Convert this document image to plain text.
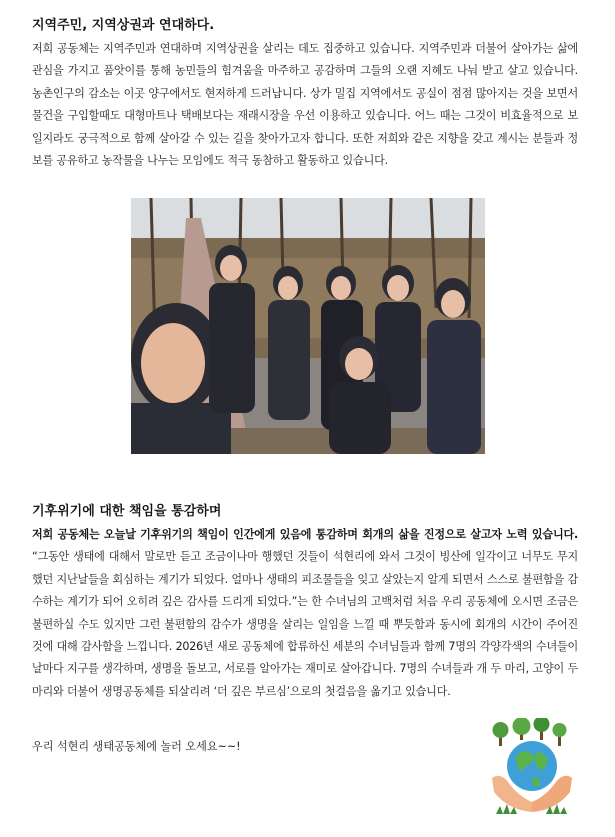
지역주민, 지역상권과 연대하다.

저희 공동체는 지역주민과 연대하며 지역상권을 살리는 데도 집중하고 있습니다. 지역주민과 더불어 살아가는 삶에 관심을 가지고 품앗이를 통해 농민들의 힘겨움을 마주하고 공감하며 그들의 오랜 지혜도 나눠 받고 살고 있습니다. 농촌인구의 감소는 이곳 양구에서도 현저하게 드러납니다. 상가 밀집 지역에서도 공실이 점점 많아지는 것을 보면서 물건을 구입할때도 대형마트나 택배보다는 재래시장을 우선 이용하고 있습니다. 어느 때는 그것이 비효율적으로 보일지라도 궁극적으로 함께 살아갈 수 있는 길을 찾아가고자 합니다. 또한 저희와 같은 지향을 갖고 계시는 분들과 정보를 공유하고 농작물을 나누는 모임에도 적극 동참하고 활동하고 있습니다.

기후위기에 대한 책임을 통감하며

저희 공동체는 오늘날 기후위기의 책임이 인간에게 있음에 통감하며 회개의 삶을 진정으로 살고자 노력 있습니다. “그동안 생태에 대해서 말로만 듣고 조금이나마 행했던 것들이 석현리에 와서 그것이 빙산에 일각이고 너무도 무지했던 지난날들을 회심하는 계기가 되었다. 얼마나 생태의 피조물들을 잊고 살았는지 알게 되면서 스스로 불편함을 감수하는 계기가 되어 오히려 깊은 감사를 드리게 되었다.”는 한 수녀님의 고백처럼 처음 우리 공동체에 오시면 조금은 불편하실 수도 있지만 그런 불편함의 감수가 생명을 살리는 일임을 느낄 때 뿌듯함과 동시에 회개의 시간이 주어진 것에 대해 감사함을 느낍니다. 2026년 새로 공동체에 합류하신 세분의 수녀님들과 함께 7명의 각양각색의 수녀들이 날마다 지구를 생각하며, 생명을 돌보고, 서로를 알아가는 재미로 살아갑니다. 7명의 수녀들과 개 두 마리, 고양이 두 마리와 더불어 생명공동체를 되살리려 ‘더 깊은 부르심’으로의 첫걸음을 옮기고 있습니다.

우리 석현리 생태공동체에 놀러 오세요~~!
